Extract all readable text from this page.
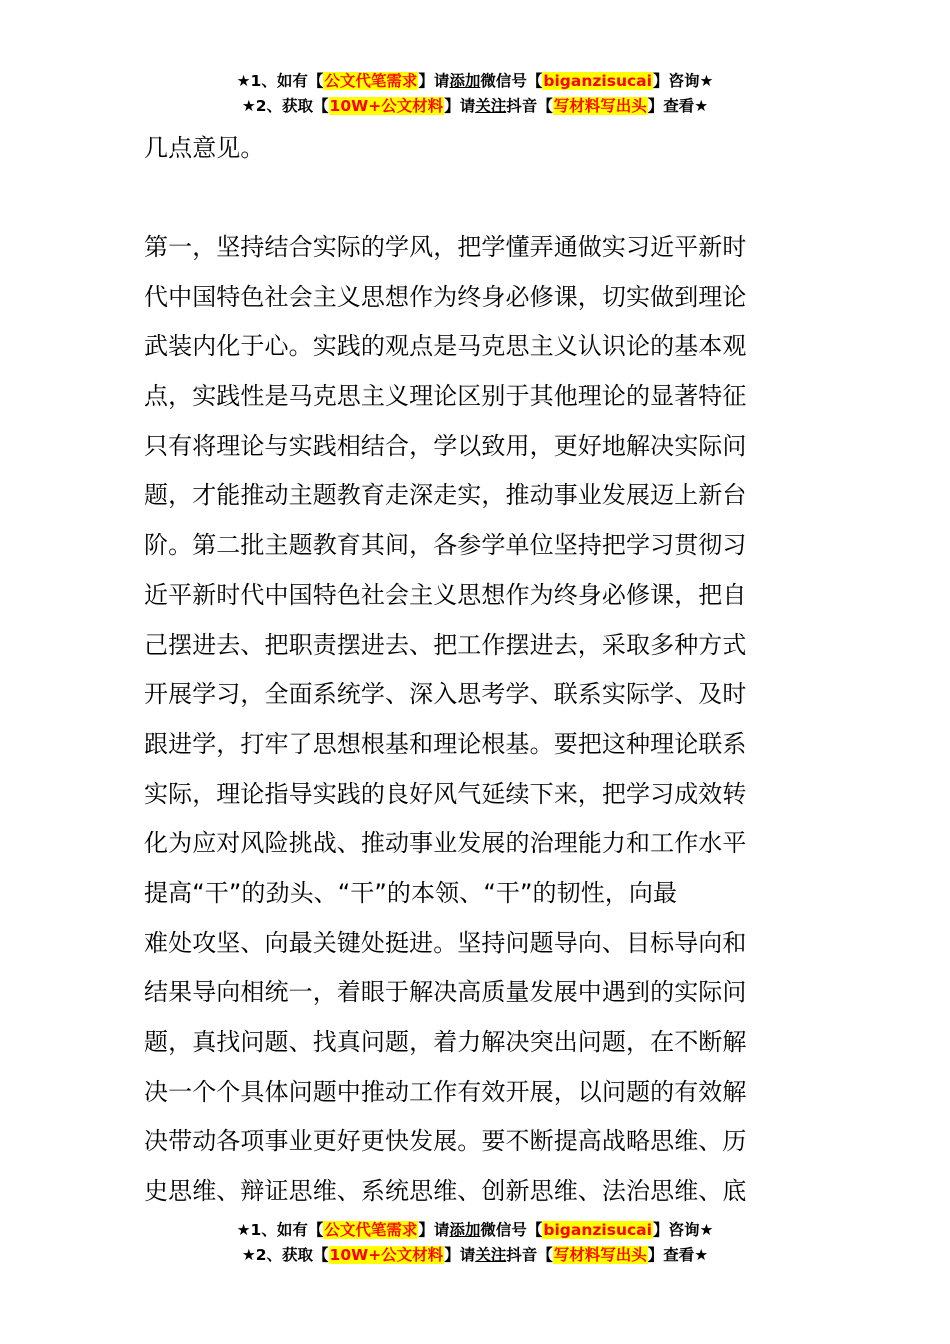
★1、如有【公文代笔需求】请添加微信号【biganzisucai】咨询★
★2、获取【10W+公文材料】请关注抖音【写材料写出头】查看★
几点意见。
第一，坚持结合实际的学风，把学懂弄通做实习近平新时
代中国特色社会主义思想作为终身必修课，切实做到理论
武装内化于心。实践的观点是马克思主义认识论的基本观
点，实践性是马克思主义理论区别于其他理论的显著特征
只有将理论与实践相结合，学以致用，更好地解决实际问
题，才能推动主题教育走深走实，推动事业发展迈上新台
阶。第二批主题教育其间，各参学单位坚持把学习贯彻习
近平新时代中国特色社会主义思想作为终身必修课，把自
己摆进去、把职责摆进去、把工作摆进去，采取多种方式
开展学习，全面系统学、深入思考学、联系实际学、及时
跟进学，打牢了思想根基和理论根基。要把这种理论联系
实际，理论指导实践的良好风气延续下来，把学习成效转
化为应对风险挑战、推动事业发展的治理能力和工作水平
提高“干”的劲头、“干”的本领、“干”的韧性，向最
难处攻坚、向最关键处挺进。坚持问题导向、目标导向和
结果导向相统一，着眼于解决高质量发展中遇到的实际问
题，真找问题、找真问题，着力解决突出问题，在不断解
决一个个具体问题中推动工作有效开展，以问题的有效解
决带动各项事业更好更快发展。要不断提高战略思维、历
史思维、辩证思维、系统思维、创新思维、法治思维、底
★1、如有【公文代笔需求】请添加微信号【biganzisucai】咨询★
★2、获取【10W+公文材料】请关注抖音【写材料写出头】查看★
